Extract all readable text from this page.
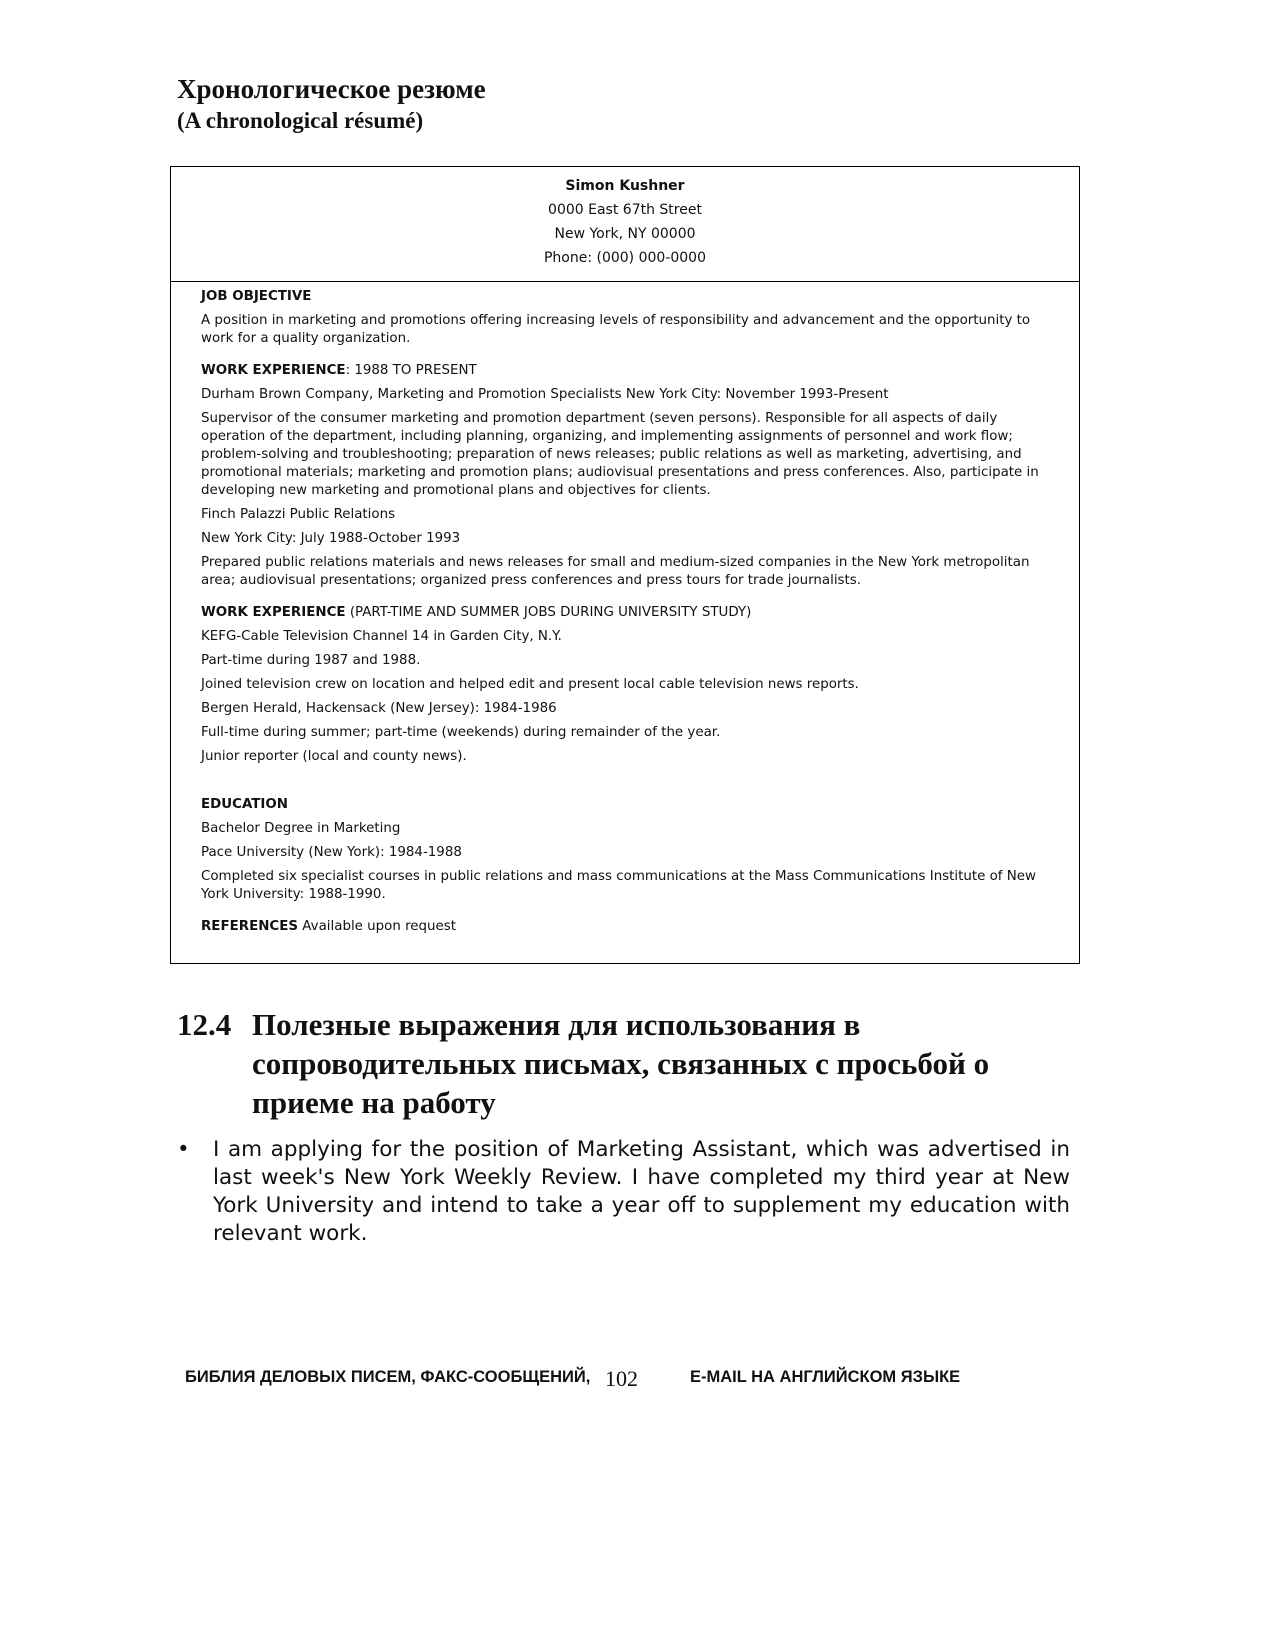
Хронологическое резюме
(A chronological résumé)
Simon Kushner
0000 East 67th Street
New York, NY 00000
Phone: (000) 000-0000

JOB OBJECTIVE

A position in marketing and promotions offering increasing levels of responsibility and advancement and the opportunity to work for a quality organization.

WORK EXPERIENCE: 1988 TO PRESENT

Durham Brown Company, Marketing and Promotion Specialists New York City: November 1993-Present

Supervisor of the consumer marketing and promotion department (seven persons). Responsible for all aspects of daily operation of the department, including planning, organizing, and implementing assignments of personnel and work flow; problem-solving and troubleshooting; preparation of news releases; public relations as well as marketing, advertising, and promotional materials; marketing and promotion plans; audiovisual presentations and press conferences. Also, participate in developing new marketing and promotional plans and objectives for clients.

Finch Palazzi Public Relations

New York City: July 1988-October 1993

Prepared public relations materials and news releases for small and medium-sized companies in the New York metropolitan area; audiovisual presentations; organized press conferences and press tours for trade journalists.

WORK EXPERIENCE (PART-TIME AND SUMMER JOBS DURING UNIVERSITY STUDY)

KEFG-Cable Television Channel 14 in Garden City, N.Y.

Part-time during 1987 and 1988.

Joined television crew on location and helped edit and present local cable television news reports.

Bergen Herald, Hackensack (New Jersey): 1984-1986

Full-time during summer; part-time (weekends) during remainder of the year.

Junior reporter (local and county news).

EDUCATION

Bachelor Degree in Marketing

Pace University (New York): 1984-1988

Completed six specialist courses in public relations and mass communications at the Mass Communications Institute of New York University: 1988-1990.

REFERENCES Available upon request

12.4 Полезные выражения для использования в сопроводительных письмах, связанных с просьбой о приеме на работу
• I am applying for the position of Marketing Assistant, which was advertised in last week's New York Weekly Review. I have completed my third year at New York University and intend to take a year off to supplement my education with relevant work.
БИБЛИЯ ДЕЛОВЫХ ПИСЕМ, ФАКС-СООБЩЕНИЙ, 102	E-MAIL НА АНГЛИЙСКОМ ЯЗЫКЕ
